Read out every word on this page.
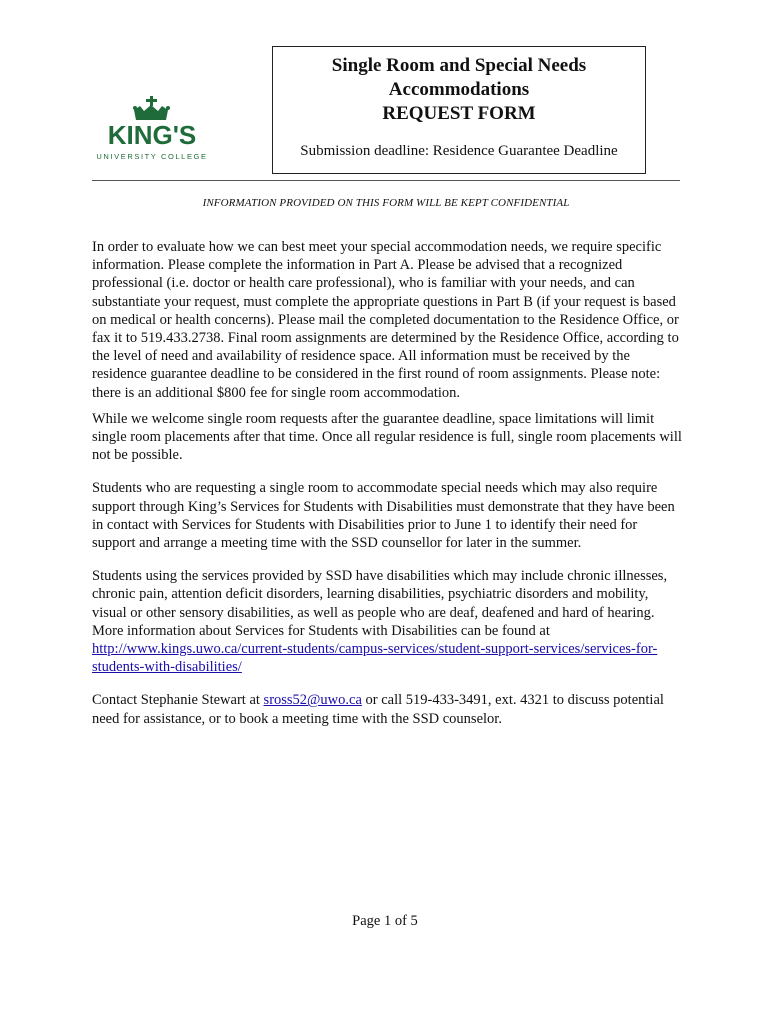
KING'S
UNIVERSITY COLLEGE
Single Room and Special Needs
Accommodations
REQUEST FORM
Submission deadline: Residence Guarantee Deadline
INFORMATION PROVIDED ON THIS FORM WILL BE KEPT CONFIDENTIAL

In order to evaluate how we can best meet your special accommodation needs, we require specific information. Please complete the information in Part A. Please be advised that a recognized professional (i.e. doctor or health care professional), who is familiar with your needs, and can substantiate your request, must complete the appropriate questions in Part B (if your request is based on medical or health concerns). Please mail the completed documentation to the Residence Office, or fax it to 519.433.2738. Final room assignments are determined by the Residence Office, according to the level of need and availability of residence space. All information must be received by the residence guarantee deadline to be considered in the first round of room assignments. Please note: there is an additional $800 fee for single room accommodation.

While we welcome single room requests after the guarantee deadline, space limitations will limit single room placements after that time. Once all regular residence is full, single room placements will not be possible.

Students who are requesting a single room to accommodate special needs which may also require support through King’s Services for Students with Disabilities must demonstrate that they have been in contact with Services for Students with Disabilities prior to June 1 to identify their need for support and arrange a meeting time with the SSD counsellor for later in the summer.

Students using the services provided by SSD have disabilities which may include chronic illnesses, chronic pain, attention deficit disorders, learning disabilities, psychiatric disorders and mobility, visual or other sensory disabilities, as well as people who are deaf, deafened and hard of hearing. More information about Services for Students with Disabilities can be found at http://www.kings.uwo.ca/current-students/campus-services/student-support-services/services-for-students-with-disabilities/

Contact Stephanie Stewart at sross52@uwo.ca or call 519-433-3491, ext. 4321 to discuss potential need for assistance, or to book a meeting time with the SSD counselor.

Page 1 of 5
